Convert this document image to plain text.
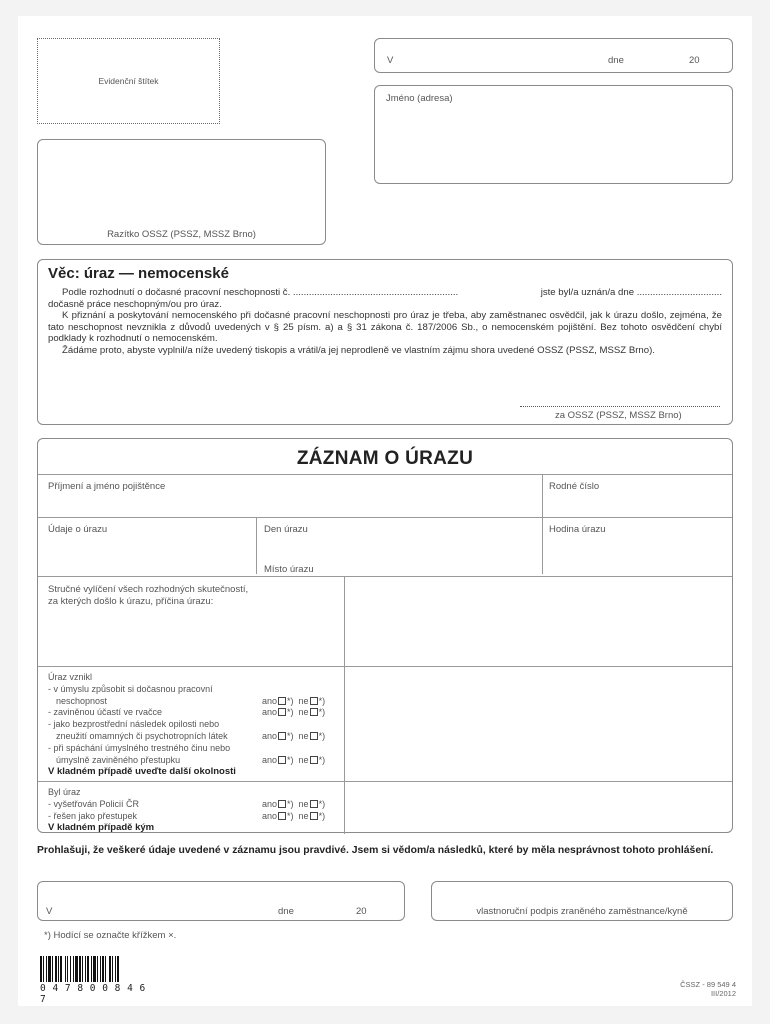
Evidenční štítek
V	dne	20
Jméno (adresa)
Razítko OSSZ (PSSZ, MSSZ Brno)
Věc: úraz — nemocenské
Podle rozhodnutí o dočasné pracovní neschopnosti č. ..............................................................	jste byl/a uznán/a dne ................................
dočasně práce neschopným/ou pro úraz.
K přiznání a poskytování nemocenského při dočasné pracovní neschopnosti pro úraz je třeba, aby zaměstnanec osvědčil, jak k úrazu došlo, zejména, že tato neschopnost nevznikla z důvodů uvedených v § 25 písm. a) a § 31 zákona č. 187/2006 Sb., o nemocenském pojištění. Bez tohoto osvědčení chybí podklady k rozhodnutí o nemocenském.
Žádáme proto, abyste vyplnil/a níže uvedený tiskopis a vrátil/a jej neprodleně ve vlastním zájmu shora uvedené OSSZ (PSSZ, MSSZ Brno).
za OSSZ (PSSZ, MSSZ Brno)
ZÁZNAM O ÚRAZU
Příjmení a jméno pojištěnce	Rodné číslo
Údaje o úrazu	Den úrazu	Hodina úrazu
Místo úrazu
Stručné vylíčení všech rozhodných skutečností,
za kterých došlo k úrazu, příčina úrazu:
Úraz vznikl
- v úmyslu způsobit si dočasnou pracovní
neschopnost	ano *) ne *)
- zaviněnou účastí ve rvačce	ano *) ne *)
- jako bezprostřední následek opilosti nebo
zneužití omamných či psychotropních látek	ano *) ne *)
- při spáchání úmyslného trestného činu nebo
úmyslně zaviněného přestupku	ano *) ne *)
V kladném případě uveďte další okolnosti
Byl úraz
- vyšetřován Policií ČR	ano *) ne *)
- řešen jako přestupek	ano *) ne *)
V kladném případě kým
Prohlašuji, že veškeré údaje uvedené v záznamu jsou pravdivé. Jsem si vědom/a následků, které by měla nesprávnost tohoto prohlášení.
V	dne	20	vlastnoruční podpis zraněného zaměstnance/kyně
*) Hodící se označte křížkem ×.
0 4 7 8 0 0 8 4 6 7
ČSSZ - 89 549 4
III/2012
